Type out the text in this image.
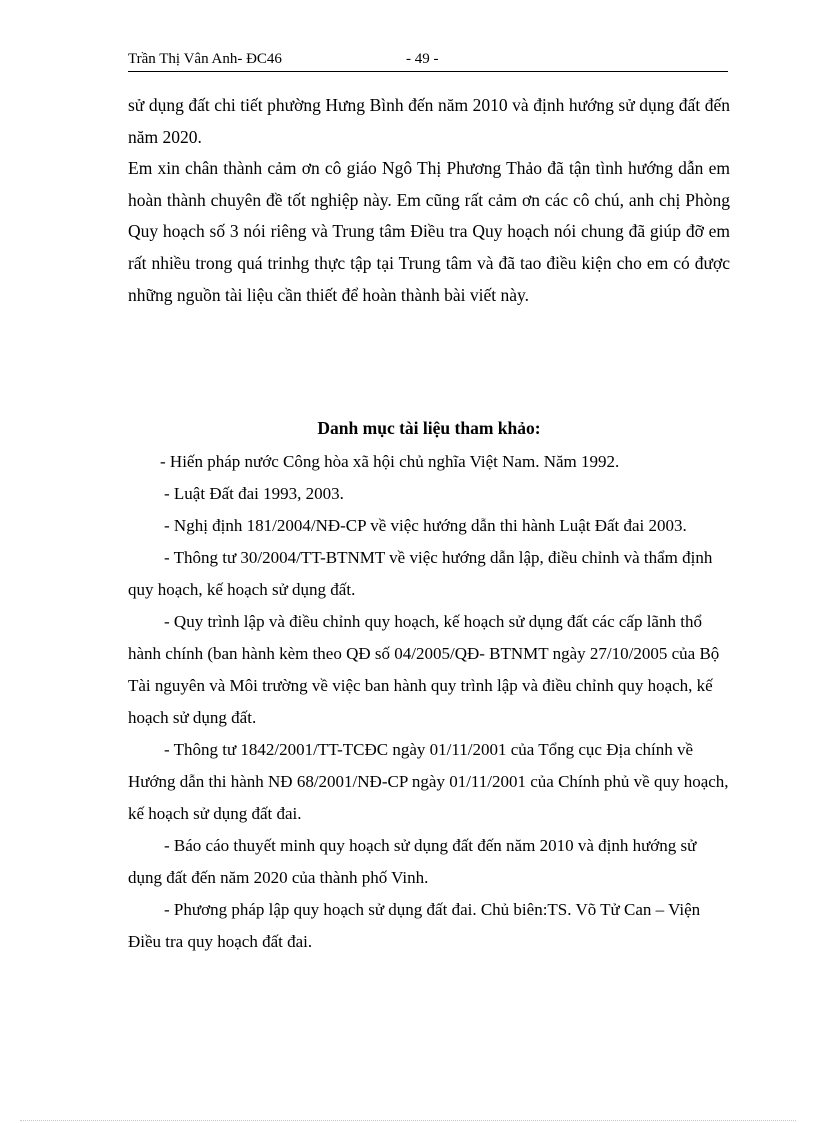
Trần Thị Vân Anh- ĐC46	- 49 -

sử dụng đất chi tiết phường Hưng Bình đến năm 2010 và định hướng sử dụng đất đến năm 2020.

Em xin chân thành cảm ơn cô giáo Ngô Thị Phương Thảo đã tận tình hướng dẫn em hoàn thành chuyên đề tốt nghiệp này. Em cũng rất cảm ơn các cô chú, anh chị Phòng Quy hoạch số 3 nói riêng và Trung tâm Điều tra Quy hoạch nói chung đã giúp đỡ em rất nhiều trong quá trinhg thực tập tại Trung tâm và đã tao điều kiện cho em có được những nguồn tài liệu cần thiết để hoàn thành bài viết này.

Danh mục tài liệu tham khảo:

- Hiến pháp nước Công hòa xã hội chủ nghĩa Việt Nam. Năm 1992.

- Luật Đất đai 1993, 2003.

- Nghị định 181/2004/NĐ-CP về việc hướng dẫn thi hành Luật Đất đai 2003.

- Thông tư 30/2004/TT-BTNMT về việc hướng dẫn lập, điều chỉnh và thẩm định quy hoạch, kế hoạch sử dụng đất.

- Quy trình lập và điều chỉnh quy hoạch, kế hoạch sử dụng đất các cấp lãnh thổ hành chính (ban hành kèm theo QĐ số 04/2005/QĐ- BTNMT ngày 27/10/2005 của Bộ Tài nguyên và Môi trường về việc ban hành quy trình lập và điều chỉnh quy hoạch, kế hoạch sử dụng đất.

- Thông tư 1842/2001/TT-TCĐC ngày 01/11/2001 của Tổng cục Địa chính về Hướng dẫn thi hành NĐ 68/2001/NĐ-CP ngày 01/11/2001 của Chính phủ về quy hoạch, kế hoạch sử dụng đất đai.

- Báo cáo thuyết minh quy hoạch sử dụng đất đến năm 2010 và định hướng sử dụng đất đến năm 2020 của thành phố Vinh.

- Phương pháp lập quy hoạch sử dụng đất đai. Chủ biên:TS. Võ Tử Can – Viện Điều tra quy hoạch đất đai.
